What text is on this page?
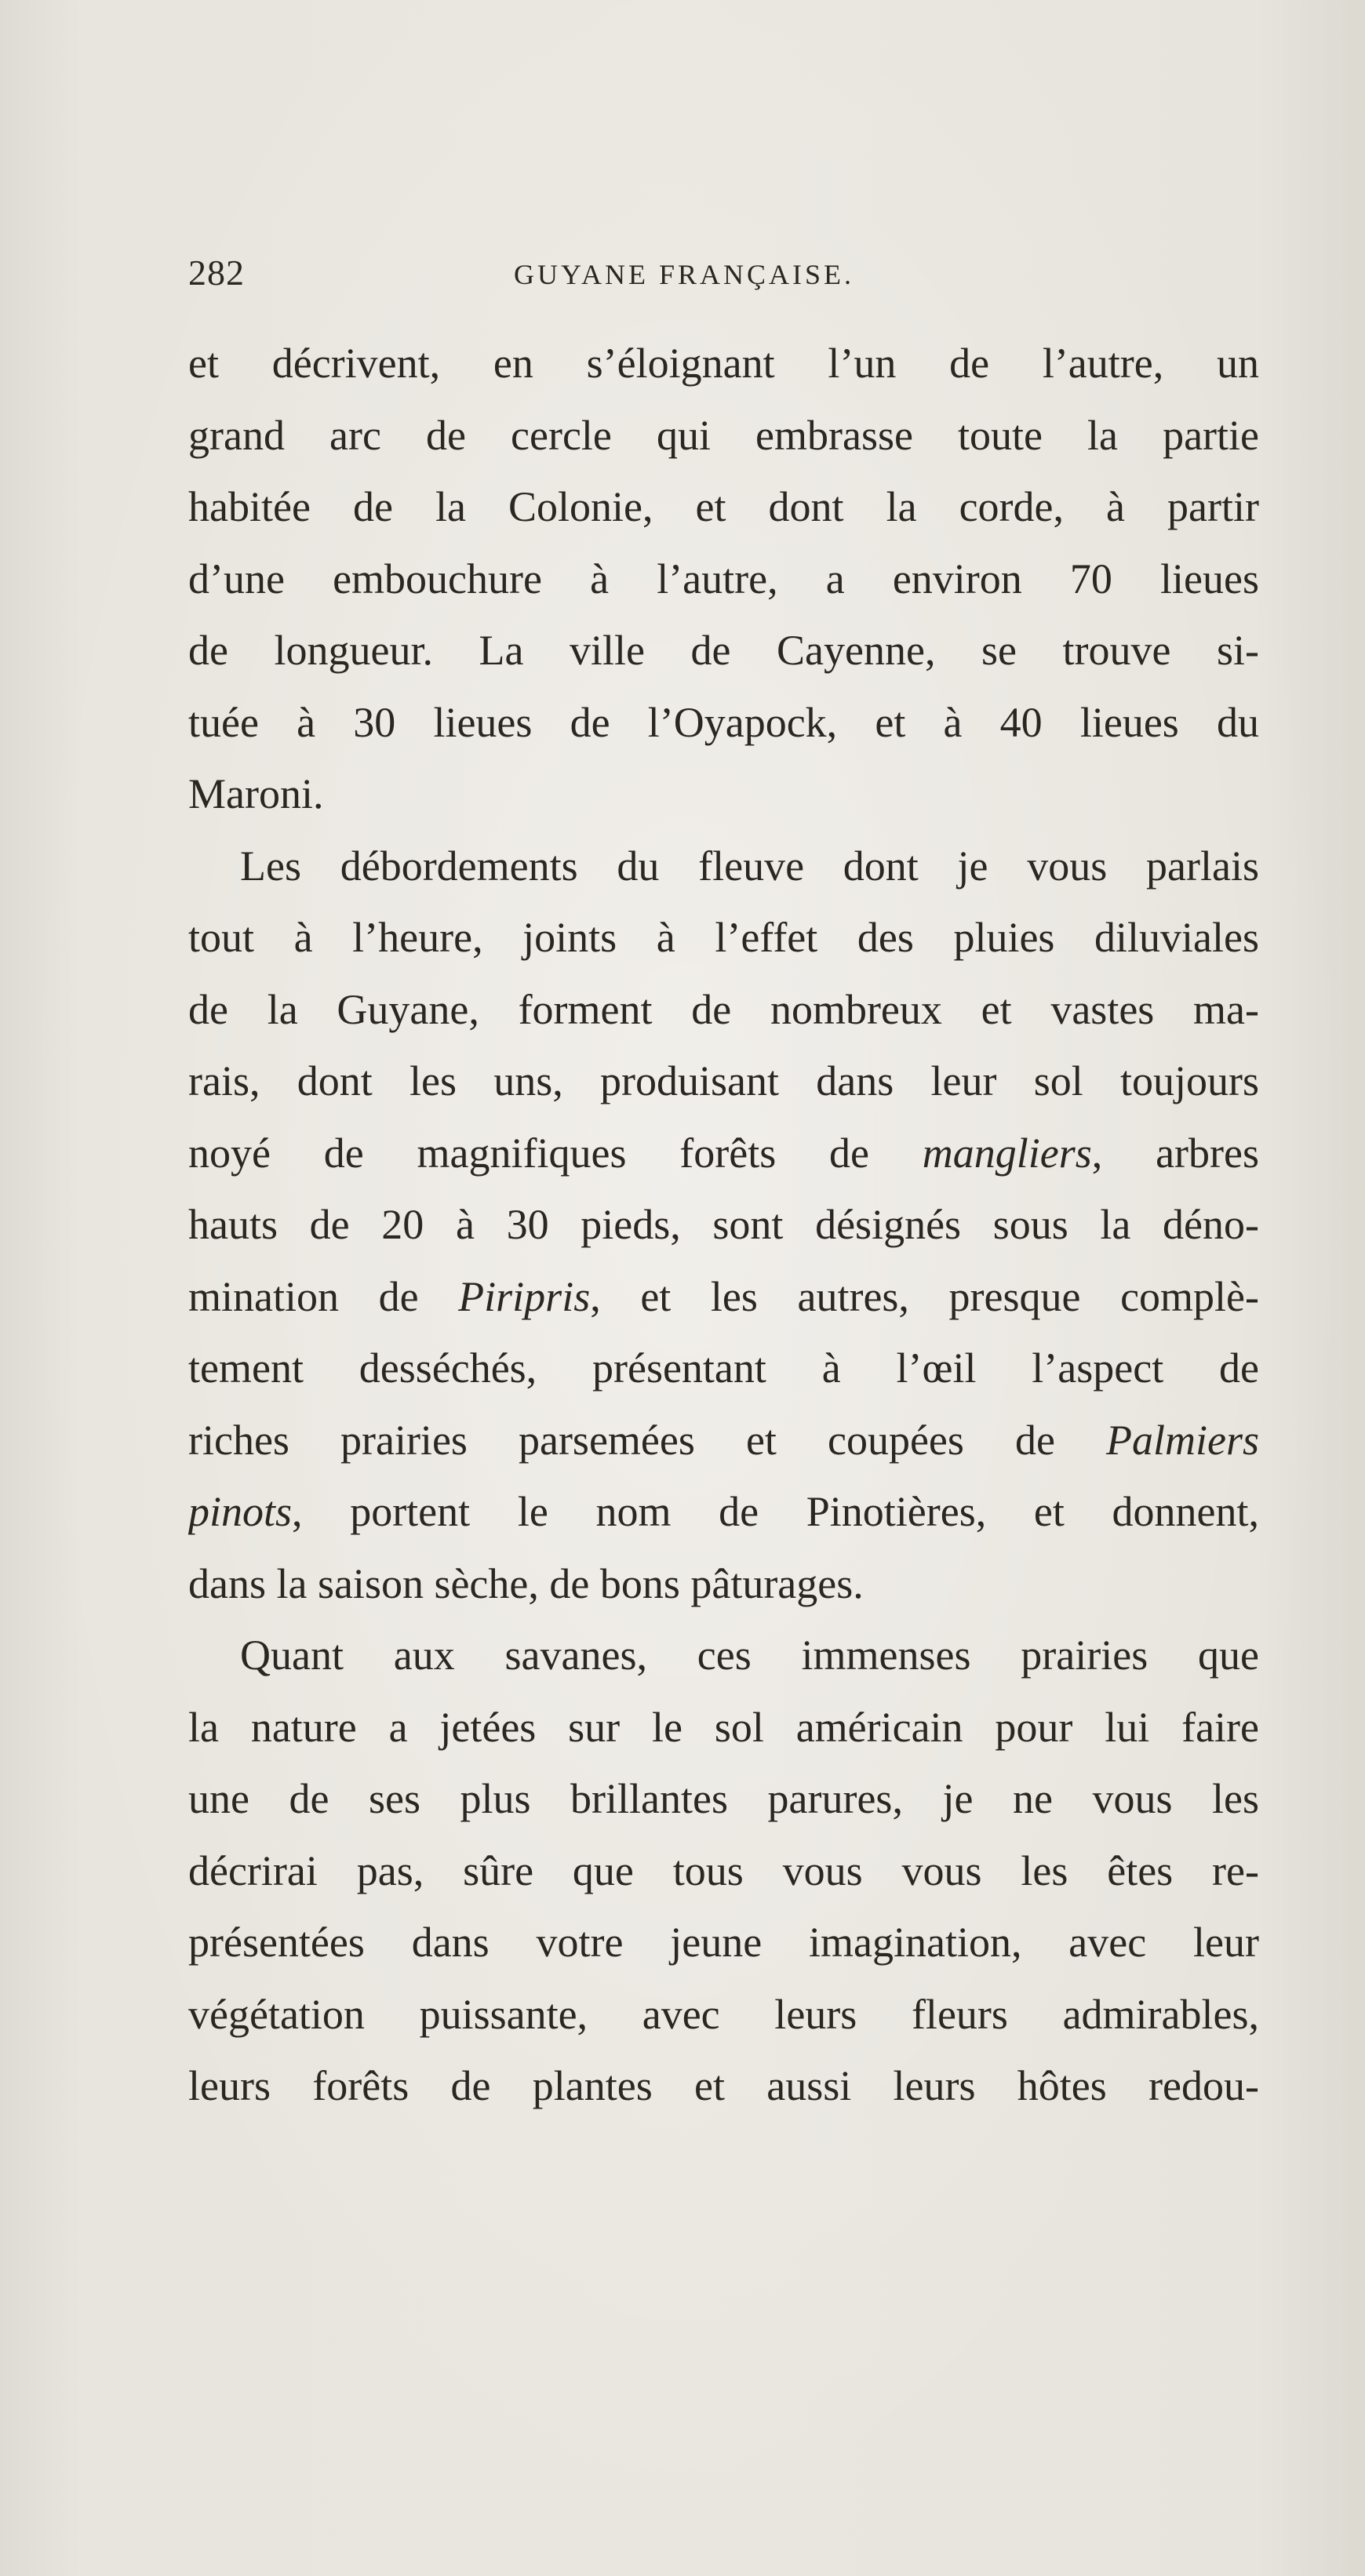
282	GUYANE FRANÇAISE.
et décrivent, en s’éloignant l’un de l’autre, un
grand arc de cercle qui embrasse toute la partie
habitée de la Colonie, et dont la corde, à partir
d’une embouchure à l’autre, a environ 70 lieues
de longueur. La ville de Cayenne, se trouve si-
tuée à 30 lieues de l’Oyapock, et à 40 lieues du
Maroni.
Les débordements du fleuve dont je vous parlais
tout à l’heure, joints à l’effet des pluies diluviales
de la Guyane, forment de nombreux et vastes ma-
rais, dont les uns, produisant dans leur sol toujours
noyé de magnifiques forêts de mangliers, arbres
hauts de 20 à 30 pieds, sont désignés sous la déno-
mination de Piripris, et les autres, presque complè-
tement desséchés, présentant à l’œil l’aspect de
riches prairies parsemées et coupées de Palmiers
pinots, portent le nom de Pinotières, et donnent,
dans la saison sèche, de bons pâturages.
Quant aux savanes, ces immenses prairies que
la nature a jetées sur le sol américain pour lui faire
une de ses plus brillantes parures, je ne vous les
décrirai pas, sûre que tous vous vous les êtes re-
présentées dans votre jeune imagination, avec leur
végétation puissante, avec leurs fleurs admirables,
leurs forêts de plantes et aussi leurs hôtes redou-
